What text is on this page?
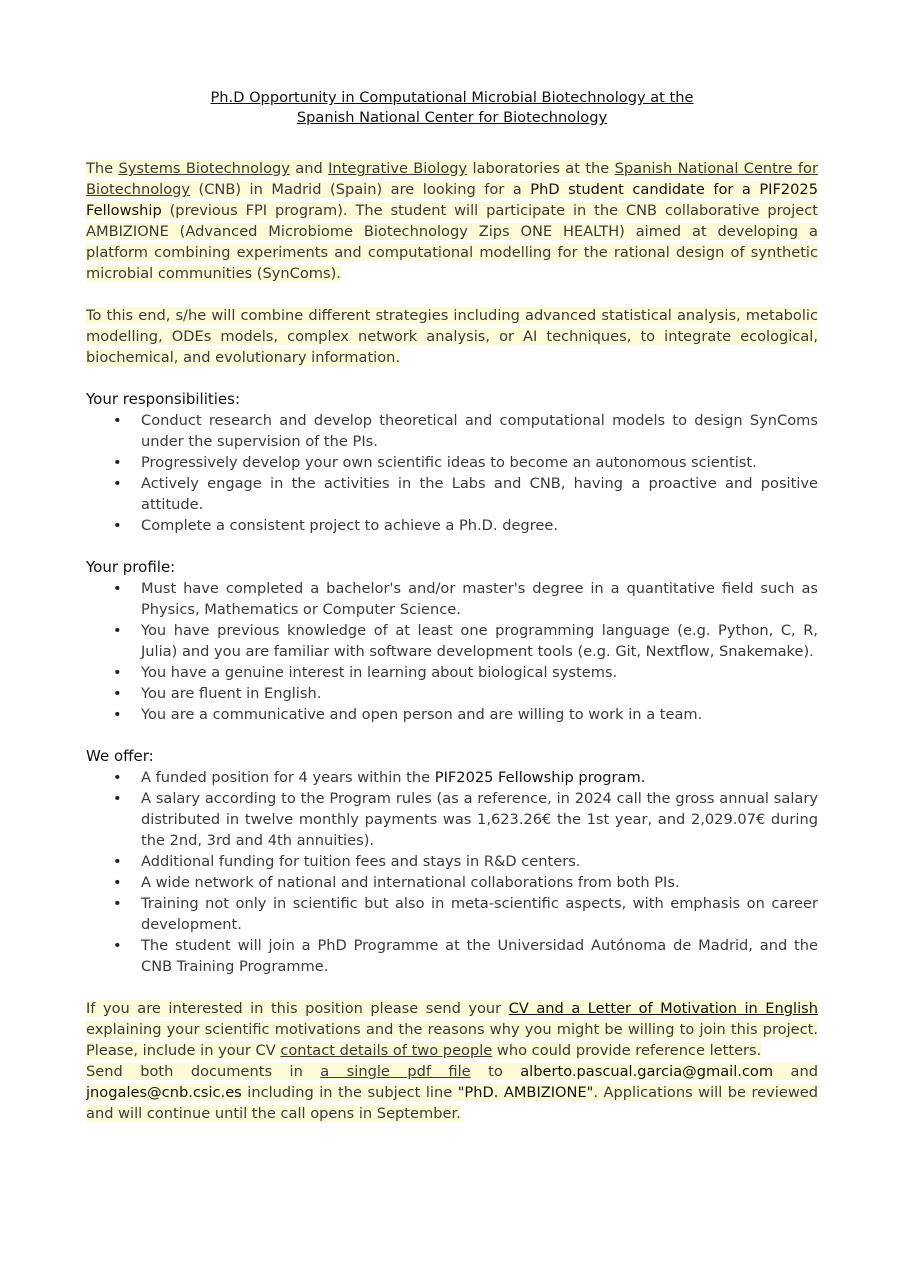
Ph.D Opportunity in Computational Microbial Biotechnology at the
Spanish National Center for Biotechnology

The Systems Biotechnology and Integrative Biology laboratories at the Spanish National Centre for Biotechnology (CNB) in Madrid (Spain) are looking for a PhD student candidate for a PIF2025 Fellowship (previous FPI program). The student will participate in the CNB collaborative project AMBIZIONE (Advanced Microbiome Biotechnology Zips ONE HEALTH) aimed at developing a platform combining experiments and computational modelling for the rational design of synthetic microbial communities (SynComs).

To this end, s/he will combine different strategies including advanced statistical analysis, metabolic modelling, ODEs models, complex network analysis, or AI techniques, to integrate ecological, biochemical, and evolutionary information.

Your responsibilities:
• Conduct research and develop theoretical and computational models to design SynComs under the supervision of the PIs.
• Progressively develop your own scientific ideas to become an autonomous scientist.
• Actively engage in the activities in the Labs and CNB, having a proactive and positive attitude.
• Complete a consistent project to achieve a Ph.D. degree.
Your profile:
• Must have completed a bachelor's and/or master's degree in a quantitative field such as Physics, Mathematics or Computer Science.
• You have previous knowledge of at least one programming language (e.g. Python, C, R, Julia) and you are familiar with software development tools (e.g. Git, Nextflow, Snakemake).
• You have a genuine interest in learning about biological systems.
• You are fluent in English.
• You are a communicative and open person and are willing to work in a team.
We offer:
• A funded position for 4 years within the PIF2025 Fellowship program.
• A salary according to the Program rules (as a reference, in 2024 call the gross annual salary distributed in twelve monthly payments was 1,623.26€ the 1st year, and 2,029.07€ during the 2nd, 3rd and 4th annuities).
• Additional funding for tuition fees and stays in R&D centers.
• A wide network of national and international collaborations from both PIs.
• Training not only in scientific but also in meta-scientific aspects, with emphasis on career development.
• The student will join a PhD Programme at the Universidad Autónoma de Madrid, and the CNB Training Programme.

If you are interested in this position please send your CV and a Letter of Motivation in English explaining your scientific motivations and the reasons why you might be willing to join this project. Please, include in your CV contact details of two people who could provide reference letters.
Send both documents in a single pdf file to alberto.pascual.garcia@gmail.com and jnogales@cnb.csic.es including in the subject line "PhD. AMBIZIONE". Applications will be reviewed and will continue until the call opens in September.
